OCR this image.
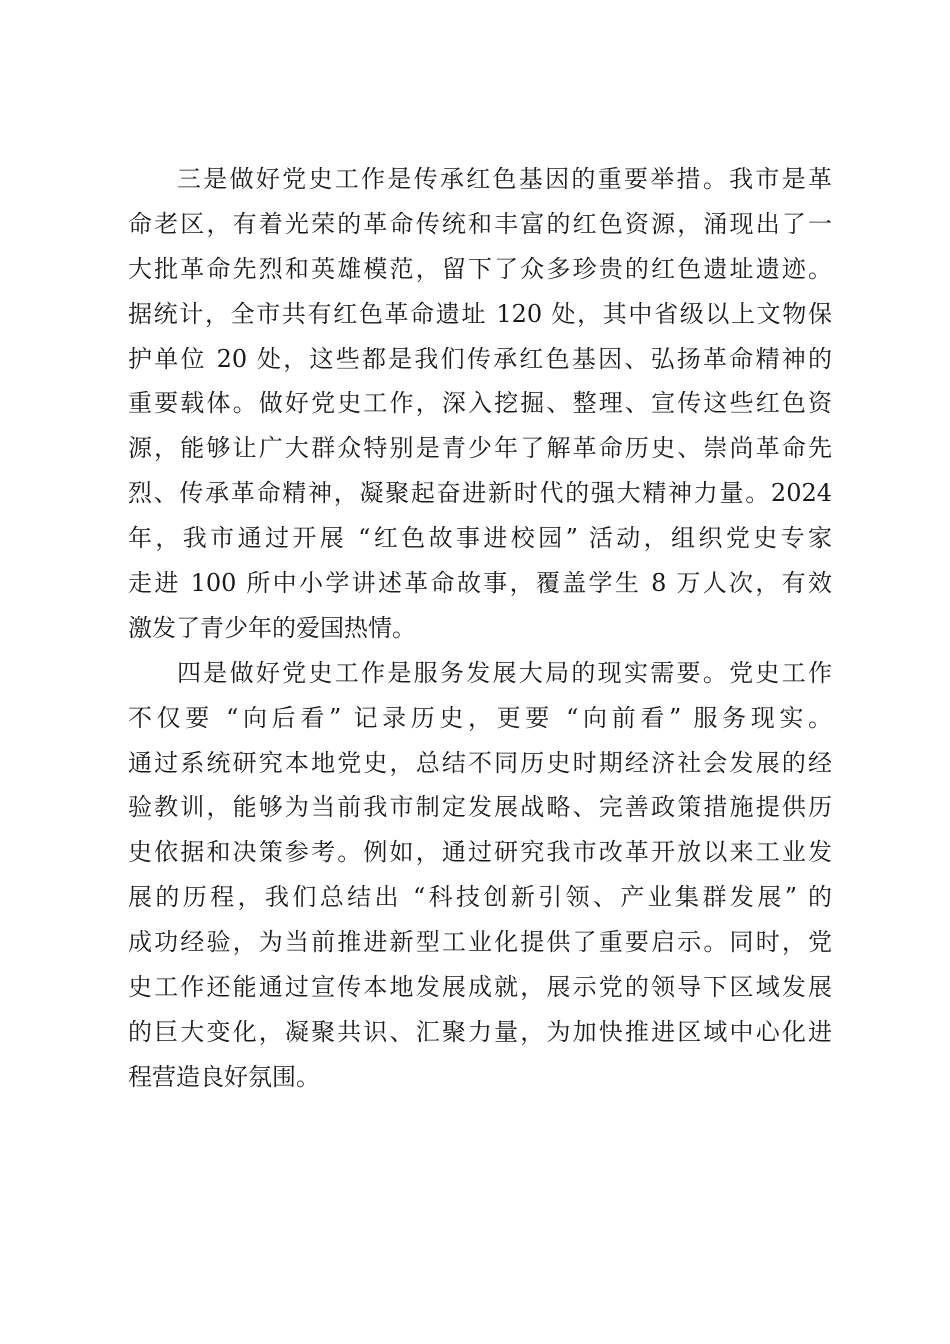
三是做好党史工作是传承红色基因的重要举措。我市是革
命老区，有着光荣的革命传统和丰富的红色资源，涌现出了一
大批革命先烈和英雄模范，留下了众多珍贵的红色遗址遗迹。
据统计，全市共有红色革命遗址 120 处，其中省级以上文物保
护单位 20 处，这些都是我们传承红色基因、弘扬革命精神的
重要载体。做好党史工作，深入挖掘、整理、宣传这些红色资
源，能够让广大群众特别是青少年了解革命历史、崇尚革命先
烈、传承革命精神，凝聚起奋进新时代的强大精神力量。2024
年，我市通过开展 “红色故事进校园” 活动，组织党史专家
走进 100 所中小学讲述革命故事，覆盖学生 8 万人次，有效
激发了青少年的爱国热情。
四是做好党史工作是服务发展大局的现实需要。党史工作
不仅要 “向后看” 记录历史，更要 “向前看” 服务现实。
通过系统研究本地党史，总结不同历史时期经济社会发展的经
验教训，能够为当前我市制定发展战略、完善政策措施提供历
史依据和决策参考。例如，通过研究我市改革开放以来工业发
展的历程，我们总结出 “科技创新引领、产业集群发展” 的
成功经验，为当前推进新型工业化提供了重要启示。同时，党
史工作还能通过宣传本地发展成就，展示党的领导下区域发展
的巨大变化，凝聚共识、汇聚力量，为加快推进区域中心化进
程营造良好氛围。
